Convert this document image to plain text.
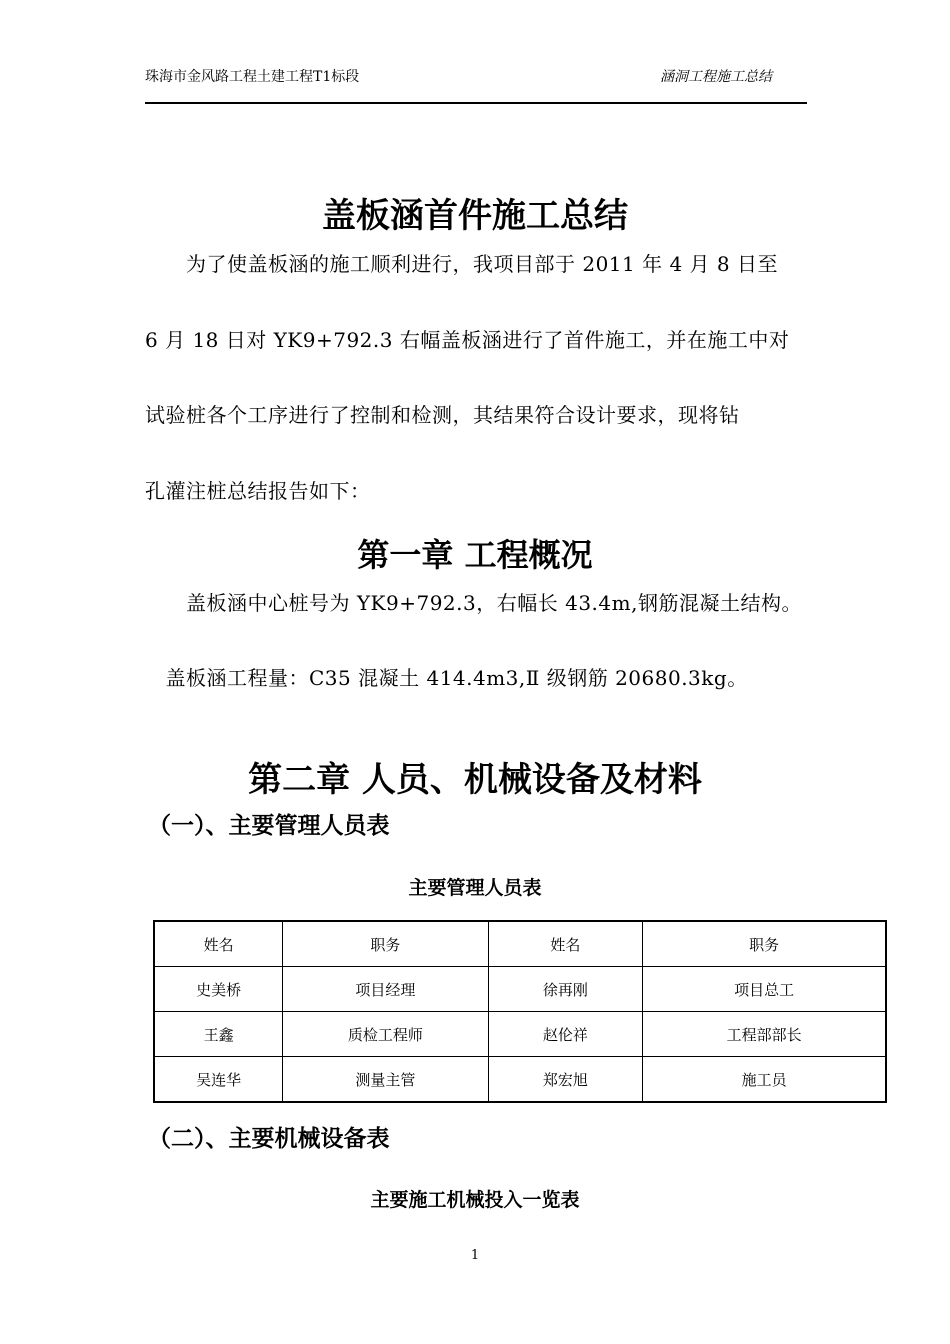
珠海市金风路工程土建工程T1标段	涵洞工程施工总结
盖板涵首件施工总结
　　为了使盖板涵的施工顺利进行，我项目部于 2011 年 4 月 8 日至
6 月 18 日对 YK9+792.3 右幅盖板涵进行了首件施工，并在施工中对
试验桩各个工序进行了控制和检测，其结果符合设计要求，现将钻
孔灌注桩总结报告如下：
第一章 工程概况
　　盖板涵中心桩号为 YK9+792.3，右幅长 43.4m,钢筋混凝土结构。
　盖板涵工程量：C35 混凝土 414.4m3,Ⅱ 级钢筋 20680.3kg。
第二章 人员、机械设备及材料
（一）、主要管理人员表
主要管理人员表
姓名	职务	姓名	职务
史美桥	项目经理	徐再刚	项目总工
王鑫	质检工程师	赵伦祥	工程部部长
吴连华	测量主管	郑宏旭	施工员
（二）、主要机械设备表
主要施工机械投入一览表
1
